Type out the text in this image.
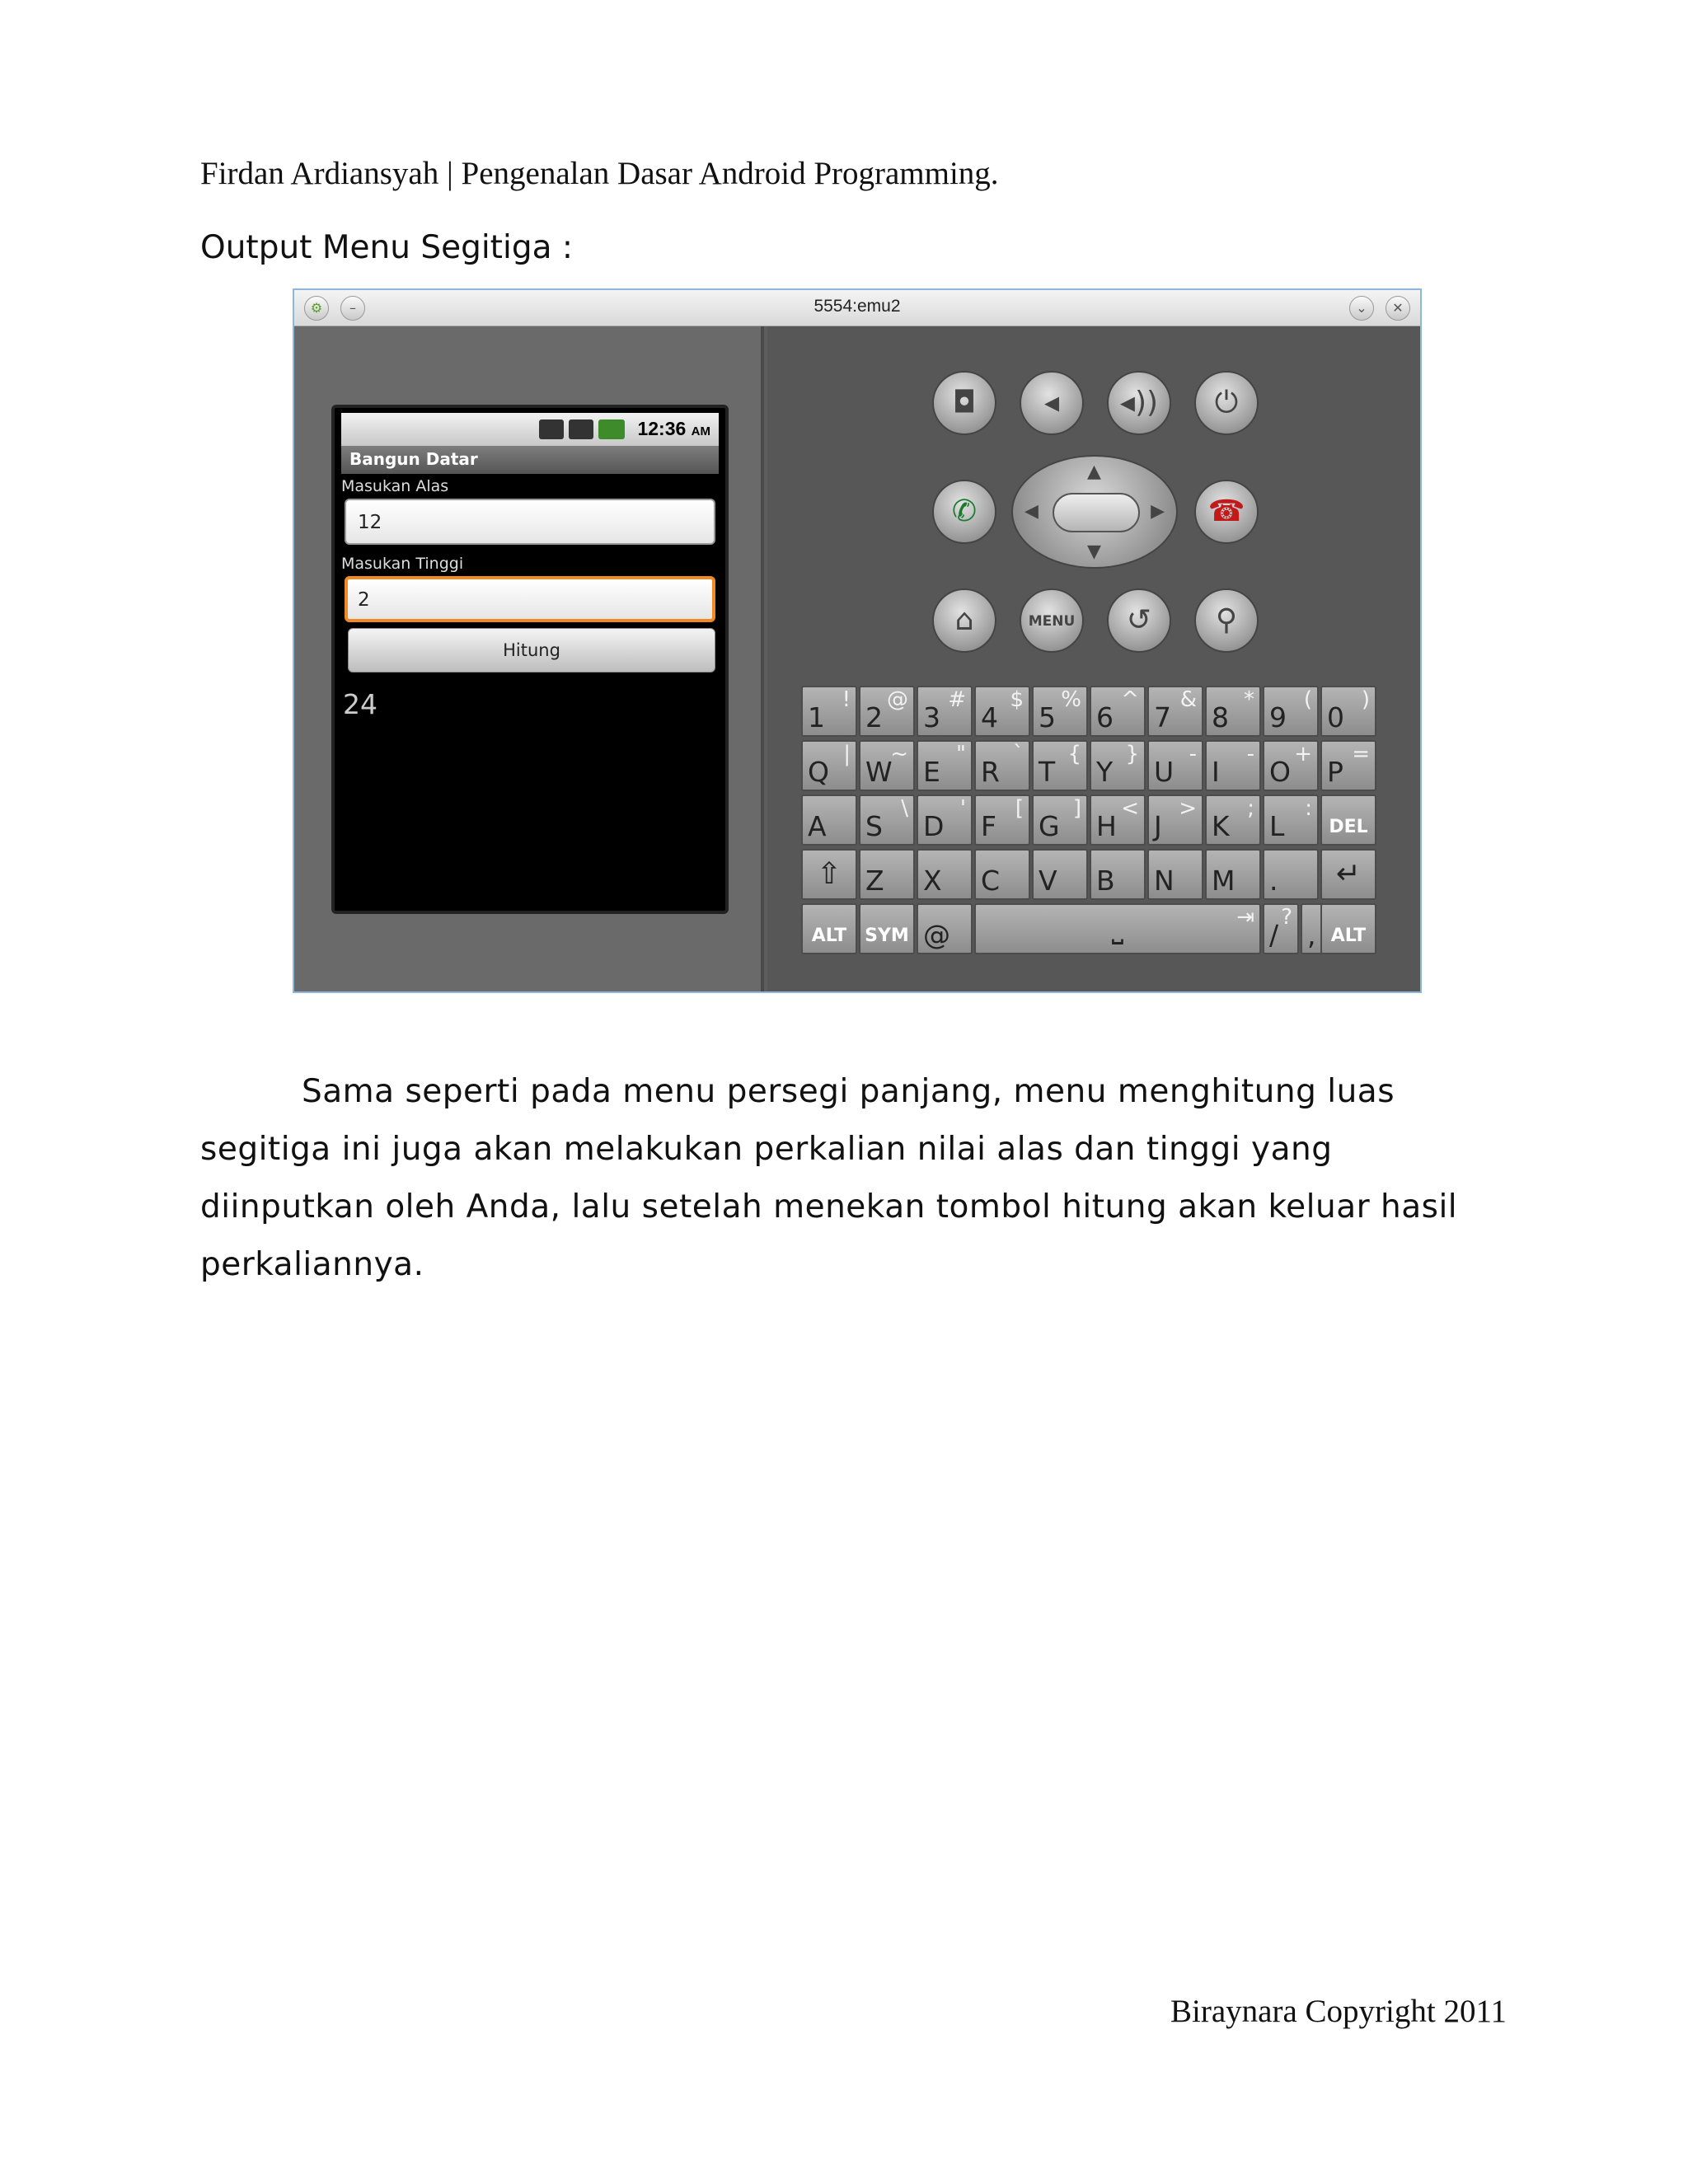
Firdan Ardiansyah | Pengenalan Dasar Android Programming.
Output Menu Segitiga :
⚙	–	5554:emu2	⌄	✕
12:36 AM
Bangun Datar
Masukan Alas
12
Masukan Tinggi
2
Hitung
24
◘	◂	◂))	⏻
✆
▲
◀	▶
▼
☎
⌂	MENU	↺	⚲
Sama seperti pada menu persegi panjang, menu menghitung luas segitiga ini juga akan melakukan perkalian nilai alas dan tinggi yang diinputkan oleh Anda, lalu setelah menekan tombol hitung akan keluar hasil perkaliannya.
Biraynara Copyright 2011
1
!
2
@
3
#
4
$
5
%
6
^
7
&
8
*
9
(
0
)
Q
|
W
~
E
"
R
`
T
{
Y
}
U
-
I
-
O
+
P
=
A S
\
D
'
F
[
G
]
H
<
J
>
K
;
L
:
DEL
⇧ Z X C V B N M .	↵
ALT SYM @	⎵	⇥
/
?
, ALT
